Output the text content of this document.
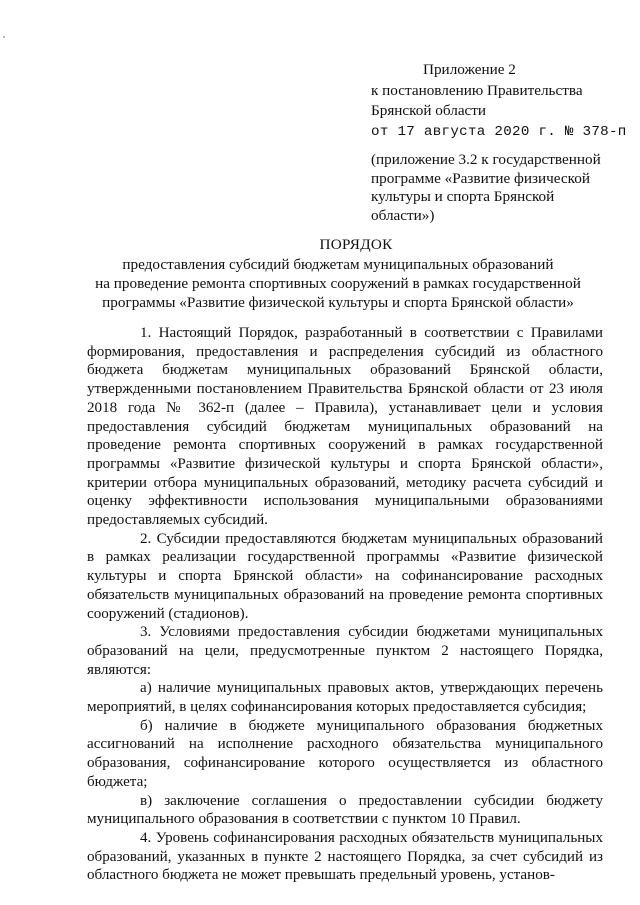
Приложение 2
к постановлению Правительства
Брянской области
от 17 августа 2020 г. № 378-п
(приложение 3.2 к государственной
программе «Развитие физической
культуры и спорта Брянской
области»)
ПОРЯДОК
предоставления субсидий бюджетам муниципальных образований
на проведение ремонта спортивных сооружений в рамках государственной
программы «Развитие физической культуры и спорта Брянской области»

1. Настоящий Порядок, разработанный в соответствии с Правилами формирования, предоставления и распределения субсидий из областного бюджета бюджетам муниципальных образований Брянской области, утвержденными постановлением Правительства Брянской области от 23 июля 2018 года № 362-п (далее – Правила), устанавливает цели и условия предоставления субсидий бюджетам муниципальных образований на проведение ремонта спортивных сооружений в рамках государственной программы «Развитие физической культуры и спорта Брянской области», критерии отбора муниципальных образований, методику расчета субсидий и оценку эффективности использования муниципальными образованиями предоставляемых субсидий.

2. Субсидии предоставляются бюджетам муниципальных образований в рамках реализации государственной программы «Развитие физической культуры и спорта Брянской области» на софинансирование расходных обязательств муниципальных образований на проведение ремонта спортивных сооружений (стадионов).

3. Условиями предоставления субсидии бюджетами муниципальных образований на цели, предусмотренные пунктом 2 настоящего Порядка, являются:

а) наличие муниципальных правовых актов, утверждающих перечень мероприятий, в целях софинансирования которых предоставляется субсидия;

б) наличие в бюджете муниципального образования бюджетных ассигнований на исполнение расходного обязательства муниципального образования, софинансирование которого осуществляется из областного бюджета;

в) заключение соглашения о предоставлении субсидии бюджету муниципального образования в соответствии с пунктом 10 Правил.

4. Уровень софинансирования расходных обязательств муниципальных образований, указанных в пункте 2 настоящего Порядка, за счет субсидий из областного бюджета не может превышать предельный уровень, установ-
